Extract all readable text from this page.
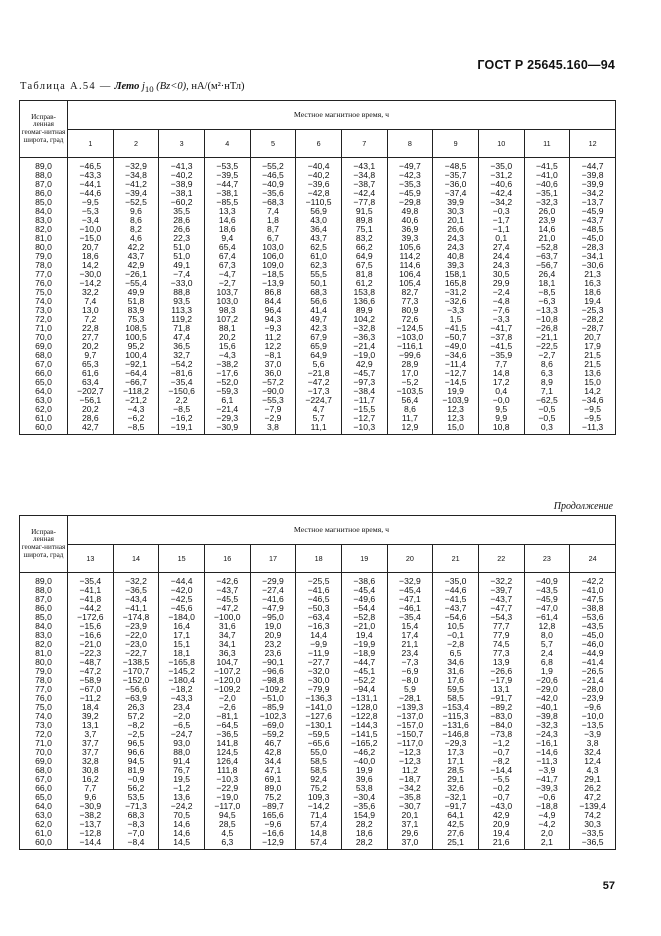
ГОСТ Р 25645.160—94
Таблица А.54 — Лето $j_{10}$ (Bz<0), нА/(м²·нТл)
Исправ-ленная геомаг-нитная широта, град	Местное магнитное время, ч											
	1	2	3	4	5	6	7	8	9	10	11	12
89,0	−46,5	−32,9	−41,3	−53,5	−55,2	−40,4	−43,1	−49,7	−48,5	−35,0	−41,5	−44,7
88,0	−43,3	−34,8	−40,2	−39,5	−46,5	−40,2	−34,8	−42,3	−35,7	−31,2	−41,0	−39,8
87,0	−44,1	−41,2	−38,9	−44,7	−40,9	−39,6	−38,7	−35,3	−36,0	−40,6	−40,6	−39,9
86,0	−44,6	−39,4	−38,1	−38,1	−35,6	−42,8	−42,4	−45,9	−37,4	−42,4	−35,1	−34,2
85,0	−9,5	−52,5	−60,2	−85,5	−68,3	−110,5	−77,8	−29,8	39,9	−34,2	−32,3	−13,7
84,0	−5,3	9,6	35,5	13,3	7,4	56,9	91,5	49,8	30,3	−0,3	26,0	−45,9
83,0	−3,4	8,6	28,6	14,6	1,8	43,0	89,8	40,6	20,1	−1,7	23,9	−43,7
82,0	−10,0	8,2	26,6	18,6	8,7	36,4	75,1	36,9	26,6	−1,1	14,6	−48,5
81,0	−15,0	4,6	22,3	9,4	6,7	43,7	83,2	39,3	24,3	0,1	21,0	−45,0
80,0	20,7	42,2	51,0	65,4	103,0	62,5	66,2	105,6	24,3	27,4	−52,8	−28,3
79,0	18,6	43,7	51,0	67,4	106,0	61,0	64,9	114,2	40,8	24,4	−63,7	−34,1
78,0	14,2	42,9	49,1	67,3	109,0	62,3	67,5	114,6	39,3	24,3	−56,7	−30,6
77,0	−30,0	−26,1	−7,4	−4,7	−18,5	55,5	81,8	106,4	158,1	30,5	26,4	21,3
76,0	−14,2	−55,4	−33,0	−2,7	−13,9	50,1	61,2	105,4	165,8	29,9	18,1	16,3
75,0	32,2	49,9	88,8	103,7	86,8	68,3	153,8	82,7	−31,2	−2,4	−8,5	18,6
74,0	7,4	51,8	93,5	103,0	84,4	56,6	136,6	77,3	−32,6	−4,8	−6,3	19,4
73,0	13,0	83,9	113,3	98,3	96,4	41,4	89,9	80,9	−3,3	−7,6	−13,3	−25,3
72,0	7,2	75,3	119,2	107,2	94,3	49,7	104,2	72,6	1,5	−3,3	−10,8	−28,2
71,0	22,8	108,5	71,8	88,1	−9,3	42,3	−32,8	−124,5	−41,5	−41,7	−26,8	−28,7
70,0	27,7	100,5	47,4	20,2	11,2	67,9	−36,3	−103,0	−50,7	−37,8	−21,1	20,7
69,0	20,2	95,2	36,5	15,6	12,2	65,9	−21,4	−116,1	−49,0	−41,5	−22,5	17,9
68,0	9,7	100,4	32,7	−4,3	−8,1	64,9	−19,0	−99,6	−34,6	−35,9	−2,7	21,5
67,0	65,3	−92,1	−54,2	−38,2	37,0	5,6	42,9	28,9	−11,4	7,7	8,6	21,5
66,0	61,6	−64,4	−81,6	−17,6	36,0	−21,8	−45,7	17,0	−12,7	14,8	6,3	13,6
65,0	63,4	−66,7	−35,4	−52,0	−57,2	−47,2	−97,3	−5,2	−14,5	17,2	8,9	15,0
64,0	−202,7	−118,2	−150,6	−59,3	−90,0	−17,3	−38,4	−103,5	19,9	0,4	7,1	14,2
63,0	−56,1	−21,2	2,2	6,1	−55,3	−224,7	−11,7	56,4	−103,9	−0,0	−62,5	−34,6
62,0	20,2	−4,3	−8,5	−21,4	−7,9	4,7	−15,5	8,6	12,3	9,5	−0,5	−9,5
61,0	28,6	−6,2	−16,2	−29,3	−2,9	5,7	−12,7	11,7	12,3	9,9	−0,5	−9,5
60,0	42,7	−8,5	−19,1	−30,9	3,8	11,1	−10,3	12,9	15,0	10,8	0,3	−11,3
Продолжение
Исправ-ленная геомаг-нитная широта, град	Местное магнитное время, ч											
	13	14	15	16	17	18	19	20	21	22	23	24
89,0	−35,4	−32,2	−44,4	−42,6	−29,9	−25,5	−38,6	−32,9	−35,0	−32,2	−40,9	−42,2
88,0	−41,1	−36,5	−42,0	−43,7	−27,4	−41,6	−45,4	−45,4	−44,6	−39,7	−43,5	−41,0
87,0	−41,8	−43,4	−42,5	−45,5	−41,6	−46,5	−49,6	−47,1	−41,5	−43,7	−45,9	−47,5
86,0	−44,2	−41,1	−45,6	−47,2	−47,9	−50,3	−54,4	−46,1	−43,7	−47,7	−47,0	−38,8
85,0	−172,6	−174,8	−184,0	−100,0	−95,0	−63,4	−52,8	−35,4	−54,6	−54,3	−61,4	−53,6
84,0	−15,6	−23,9	16,4	31,6	19,0	−16,3	−21,0	15,4	10,5	77,7	12,8	−43,5
83,0	−16,6	−22,0	17,1	34,7	20,9	14,4	19,4	17,4	−0,1	77,9	8,0	−45,0
82,0	−21,0	−23,0	15,1	34,1	23,2	−9,9	−19,9	21,1	−2,8	74,5	5,7	−46,0
81,0	−22,3	−22,7	18,1	36,3	23,6	−11,9	−18,9	23,4	6,5	77,3	2,4	−44,9
80,0	−48,7	−138,5	−165,8	104,7	−90,1	−27,7	−44,7	−7,3	34,6	13,9	6,8	−41,4
79,0	−47,2	−170,7	−145,2	−107,2	−96,6	−32,0	−45,1	−6,9	31,6	−26,6	1,9	−26,5
78,0	−58,9	−152,0	−180,4	−120,0	−98,8	−30,0	−52,2	−8,0	17,6	−17,9	−20,6	−21,4
77,0	−67,0	−56,6	−18,2	−109,2	−109,2	−79,9	−94,4	5,9	59,5	13,1	−29,0	−28,0
76,0	−11,2	−63,9	−43,3	−2,0	−51,0	−136,3	−131,1	−28,1	58,5	−91,7	−42,0	−23,9
75,0	18,4	26,3	23,4	−2,6	−85,9	−141,0	−128,0	−139,3	−153,4	−89,2	−40,1	−9,6
74,0	39,2	57,2	−2,0	−81,1	−102,3	−127,6	−122,8	−137,0	−115,3	−83,0	−39,8	−10,0
73,0	13,1	−8,2	−6,5	−64,5	−69,0	−130,1	−144,3	−157,0	−131,6	−84,0	−32,3	−13,5
72,0	3,7	−2,5	−24,7	−36,5	−59,2	−59,5	−141,5	−150,7	−146,8	−73,8	−24,3	−3,9
71,0	37,7	96,5	93,0	141,8	46,7	−65,6	−165,2	−117,0	−29,3	−1,2	−16,1	3,8
70,0	37,7	96,6	88,0	124,5	42,8	55,0	−46,2	−12,3	17,3	−0,7	−14,6	32,4
69,0	32,8	94,5	91,4	126,4	34,4	58,5	−40,0	−12,3	17,1	−8,2	−11,3	12,4
68,0	30,8	81,9	76,7	111,8	47,1	58,5	19,9	11,2	28,5	−14,4	−3,9	4,3
67,0	16,2	−0,9	19,5	−10,3	69,1	92,4	39,6	−18,7	29,1	−5,5	−41,7	29,1
66,0	7,7	56,2	−1,2	−22,9	89,0	75,2	53,8	−34,2	32,6	−0,2	−39,3	26,2
65,0	9,6	53,5	13,6	−19,0	75,2	109,3	−30,4	−35,8	−32,1	−0,7	−0,6	47,2
64,0	−30,9	−71,3	−24,2	−117,0	−89,7	−14,2	−35,6	−30,7	−91,7	−43,0	−18,8	−139,4
63,0	−38,2	68,3	70,5	94,5	165,6	71,4	154,9	20,1	64,1	42,9	−4,9	74,2
62,0	−13,7	−8,3	14,6	28,5	−9,6	57,4	28,2	37,1	42,5	20,9	−4,2	30,3
61,0	−12,8	−7,0	14,6	4,5	−16,6	14,8	18,6	29,6	27,6	19,4	2,0	−33,5
60,0	−14,4	−8,4	14,5	6,3	−12,9	57,4	28,2	37,0	25,1	21,6	2,1	−36,5
57
